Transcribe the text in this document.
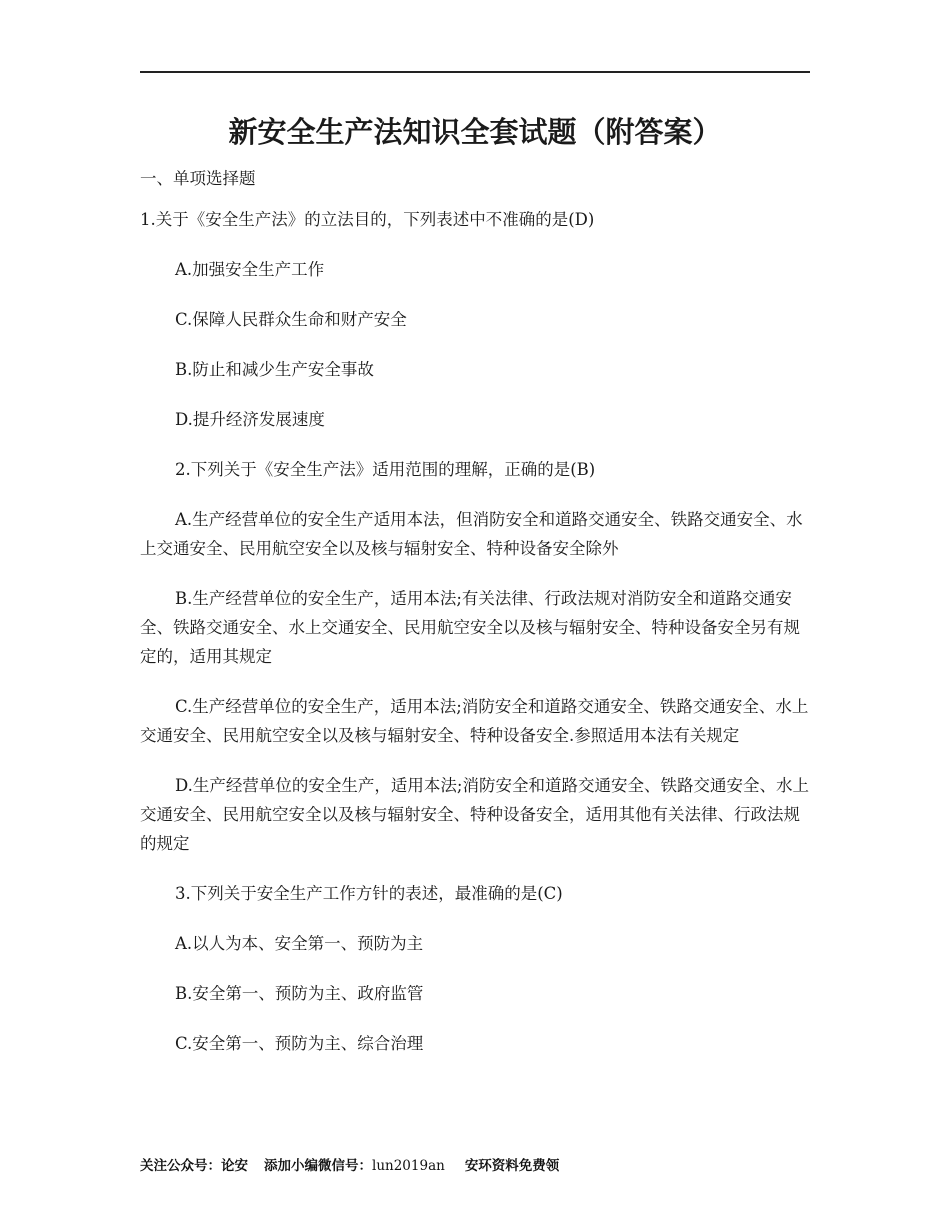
新安全生产法知识全套试题（附答案）

一、单项选择题

1.关于《安全生产法》的立法目的，下列表述中不准确的是(D)

A.加强安全生产工作

C.保障人民群众生命和财产安全

B.防止和减少生产安全事故

D.提升经济发展速度

2.下列关于《安全生产法》适用范围的理解，正确的是(B)

A.生产经营单位的安全生产适用本法，但消防安全和道路交通安全、铁路交通安全、水上交通安全、民用航空安全以及核与辐射安全、特种设备安全除外

B.生产经营单位的安全生产，适用本法;有关法律、行政法规对消防安全和道路交通安全、铁路交通安全、水上交通安全、民用航空安全以及核与辐射安全、特种设备安全另有规定的，适用其规定

C.生产经营单位的安全生产，适用本法;消防安全和道路交通安全、铁路交通安全、水上交通安全、民用航空安全以及核与辐射安全、特种设备安全.参照适用本法有关规定

D.生产经营单位的安全生产，适用本法;消防安全和道路交通安全、铁路交通安全、水上交通安全、民用航空安全以及核与辐射安全、特种设备安全，适用其他有关法律、行政法规的规定

3.下列关于安全生产工作方针的表述，最准确的是(C)

A.以人为本、安全第一、预防为主

B.安全第一、预防为主、政府监管

C.安全第一、预防为主、综合治理

关注公众号：论安 添加小编微信号：lun2019an 安环资料免费领
